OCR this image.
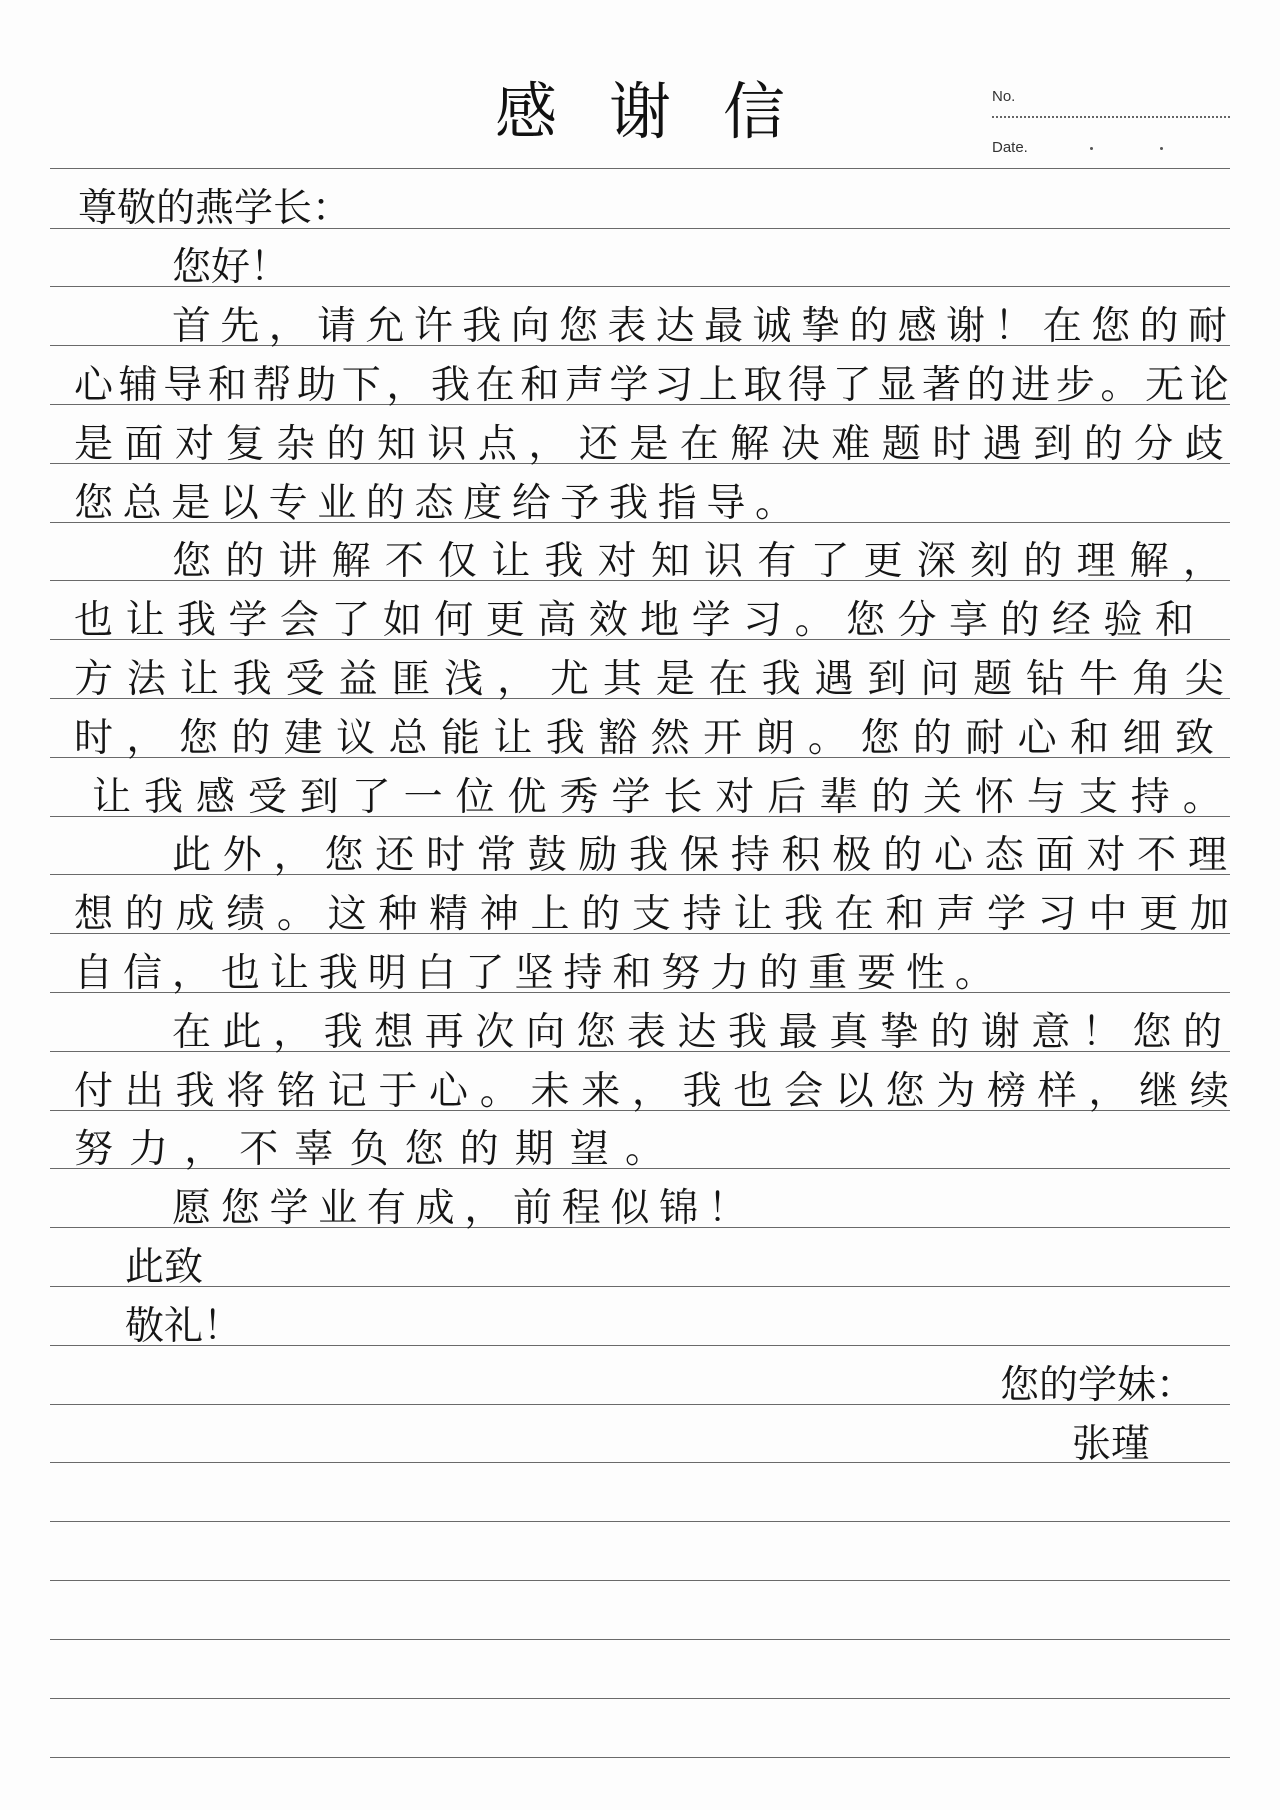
感谢信	No.
Date.
尊敬的燕学长：
您好！
首 先 ， 请 允 许 我 向 您 表 达 最 诚 挚 的 感 谢 ！ 在 您 的 耐
心 辅 导 和 帮 助 下 ， 我 在 和 声 学 习 上 取 得 了 显 著 的 进 步 。 无 论
是 面 对 复 杂 的 知 识 点 ， 还 是 在 解 决 难 题 时 遇 到 的 分 歧
您 总 是 以 专 业 的 态 度 给 予 我 指 导 。
您 的 讲 解 不 仅 让 我 对 知 识 有 了 更 深 刻 的 理 解 ，
也 让 我 学 会 了 如 何 更 高 效 地 学 习 。 您 分 享 的 经 验 和
方 法 让 我 受 益 匪 浅 ， 尤 其 是 在 我 遇 到 问 题 钻 牛 角 尖
时 ， 您 的 建 议 总 能 让 我 豁 然 开 朗 。 您 的 耐 心 和 细 致
让 我 感 受 到 了 一 位 优 秀 学 长 对 后 辈 的 关 怀 与 支 持 。
此 外 ， 您 还 时 常 鼓 励 我 保 持 积 极 的 心 态 面 对 不 理
想 的 成 绩 。 这 种 精 神 上 的 支 持 让 我 在 和 声 学 习 中 更 加
自 信 ， 也 让 我 明 白 了 坚 持 和 努 力 的 重 要 性 。
在 此 ， 我 想 再 次 向 您 表 达 我 最 真 挚 的 谢 意 ！ 您 的
付 出 我 将 铭 记 于 心 。 未 来 ， 我 也 会 以 您 为 榜 样 ， 继 续
努 力 ， 不 辜 负 您 的 期 望 。
愿 您 学 业 有 成 ， 前 程 似 锦 ！
此致
敬礼！
您的学妹：
张瑾
